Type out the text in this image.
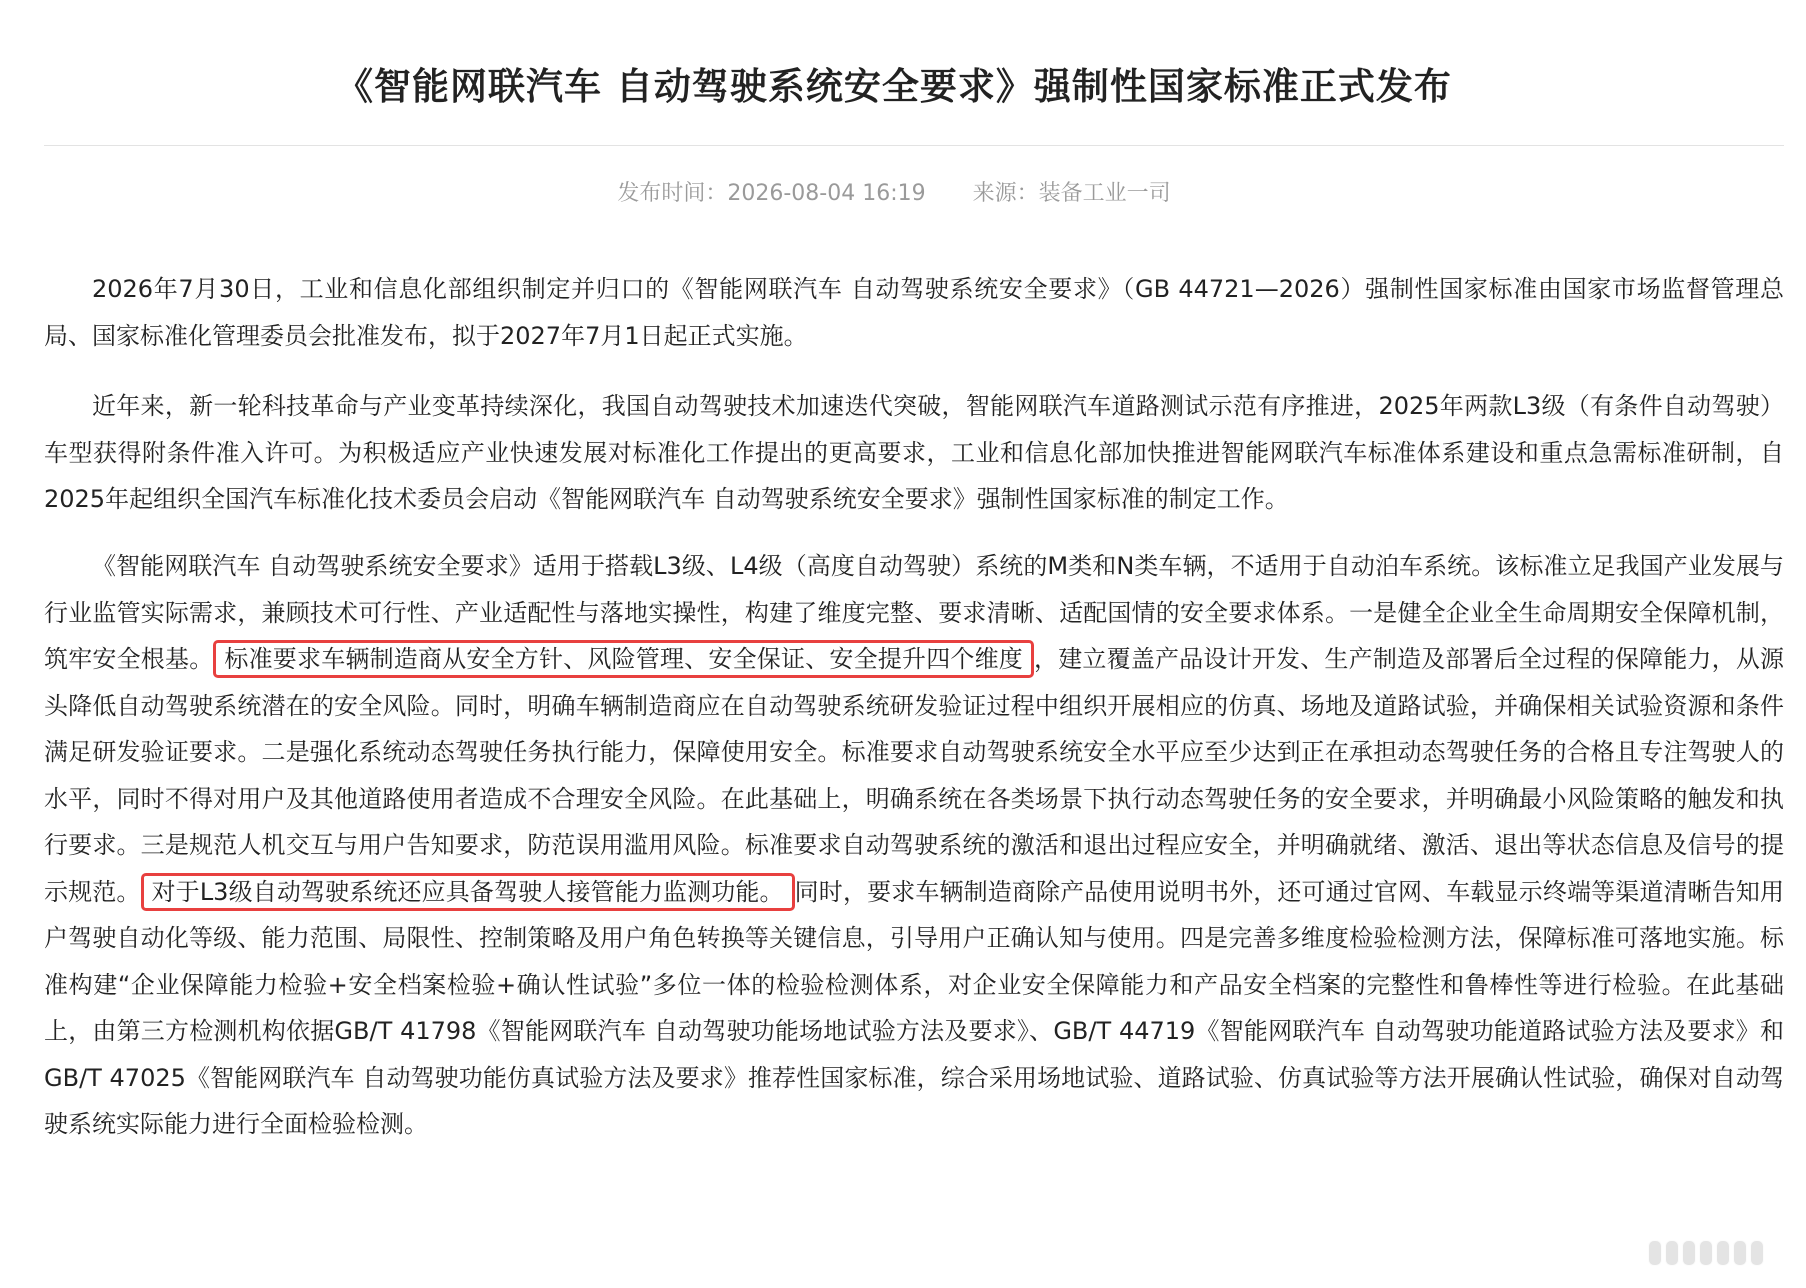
《智能网联汽车 自动驾驶系统安全要求》强制性国家标准正式发布
发布时间：2026-08-04 16:19 来源：装备工业一司

2026年7月30日，工业和信息化部组织制定并归口的《智能网联汽车 自动驾驶系统安全要求》（GB 44721—2026）强制性国家标准由国家市场监督管理总局、国家标准化管理委员会批准发布，拟于2027年7月1日起正式实施。

近年来，新一轮科技革命与产业变革持续深化，我国自动驾驶技术加速迭代突破，智能网联汽车道路测试示范有序推进，2025年两款L3级（有条件自动驾驶）车型获得附条件准入许可。为积极适应产业快速发展对标准化工作提出的更高要求，工业和信息化部加快推进智能网联汽车标准体系建设和重点急需标准研制，自2025年起组织全国汽车标准化技术委员会启动《智能网联汽车 自动驾驶系统安全要求》强制性国家标准的制定工作。

《智能网联汽车 自动驾驶系统安全要求》适用于搭载L3级、L4级（高度自动驾驶）系统的M类和N类车辆，不适用于自动泊车系统。该标准立足我国产业发展与行业监管实际需求，兼顾技术可行性、产业适配性与落地实操性，构建了维度完整、要求清晰、适配国情的安全要求体系。一是健全企业全生命周期安全保障机制，筑牢安全根基。 标准要求车辆制造商从安全方针、风险管理、安全保证、安全提升四个维度 ，建立覆盖产品设计开发、生产制造及部署后全过程的保障能力，从源头降低自动驾驶系统潜在的安全风险。同时，明确车辆制造商应在自动驾驶系统研发验证过程中组织开展相应的仿真、场地及道路试验，并确保相关试验资源和条件满足研发验证要求。二是强化系统动态驾驶任务执行能力，保障使用安全。标准要求自动驾驶系统安全水平应至少达到正在承担动态驾驶任务的合格且专注驾驶人的水平，同时不得对用户及其他道路使用者造成不合理安全风险。在此基础上，明确系统在各类场景下执行动态驾驶任务的安全要求，并明确最小风险策略的触发和执行要求。三是规范人机交互与用户告知要求，防范误用滥用风险。标准要求自动驾驶系统的激活和退出过程应安全，并明确就绪、激活、退出等状态信息及信号的提示规范。 对于L3级自动驾驶系统还应具备驾驶人接管能力监测功能。 同时，要求车辆制造商除产品使用说明书外，还可通过官网、车载显示终端等渠道清晰告知用户驾驶自动化等级、能力范围、局限性、控制策略及用户角色转换等关键信息，引导用户正确认知与使用。四是完善多维度检验检测方法，保障标准可落地实施。标准构建“企业保障能力检验+安全档案检验+确认性试验”多位一体的检验检测体系，对企业安全保障能力和产品安全档案的完整性和鲁棒性等进行检验。在此基础上，由第三方检测机构依据GB/T 41798《智能网联汽车 自动驾驶功能场地试验方法及要求》、GB/T 44719《智能网联汽车 自动驾驶功能道路试验方法及要求》和GB/T 47025《智能网联汽车 自动驾驶功能仿真试验方法及要求》推荐性国家标准，综合采用场地试验、道路试验、仿真试验等方法开展确认性试验，确保对自动驾驶系统实际能力进行全面检验检测。
